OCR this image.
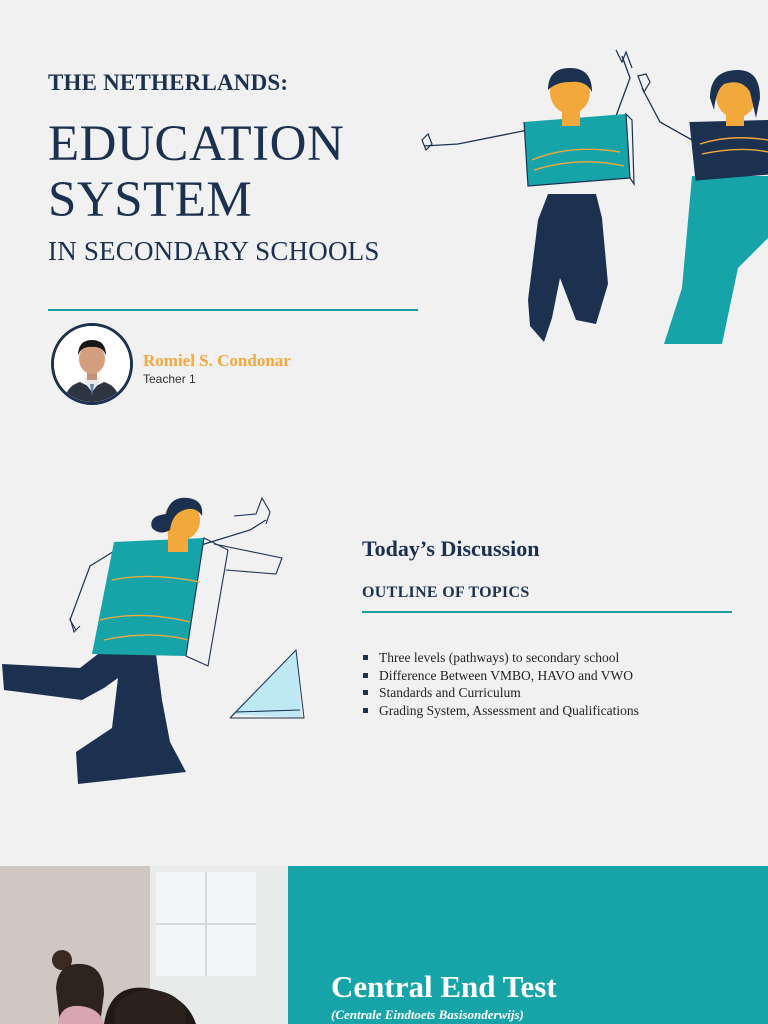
THE NETHERLANDS:
EDUCATION
SYSTEM
IN SECONDARY SCHOOLS
Romiel S. Condonar
Teacher 1
Today’s Discussion
OUTLINE OF TOPICS
Three levels (pathways) to secondary school
Difference Between VMBO, HAVO and VWO
Standards and Curriculum
Grading System, Assessment and Qualifications
Central End Test
(Centrale Eindtoets Basisonderwijs)
